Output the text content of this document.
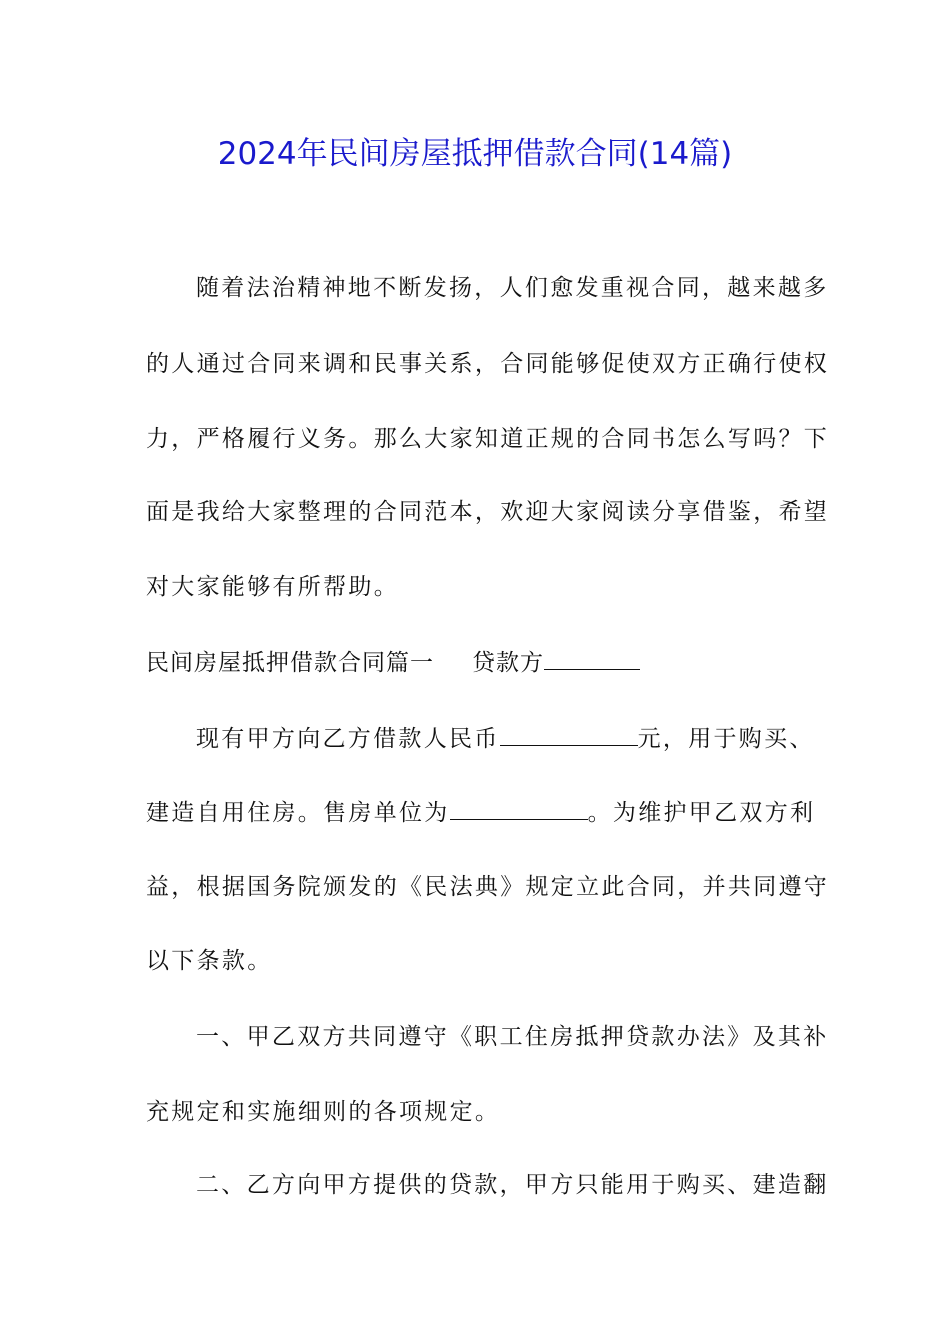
2024年民间房屋抵押借款合同(14篇)
随着法治精神地不断发扬，人们愈发重视合同，越来越多
的人通过合同来调和民事关系，合同能够促使双方正确行使权
力，严格履行义务。那么大家知道正规的合同书怎么写吗？下
面是我给大家整理的合同范本，欢迎大家阅读分享借鉴，希望
对大家能够有所帮助。
民间房屋抵押借款合同篇一 贷款方
现有甲方向乙方借款人民币	元，用于购买、
建造自用住房。售房单位为	。为维护甲乙双方利
益，根据国务院颁发的《民法典》规定立此合同，并共同遵守
以下条款。
一、甲乙双方共同遵守《职工住房抵押贷款办法》及其补
充规定和实施细则的各项规定。
二、乙方向甲方提供的贷款，甲方只能用于购买、建造翻
